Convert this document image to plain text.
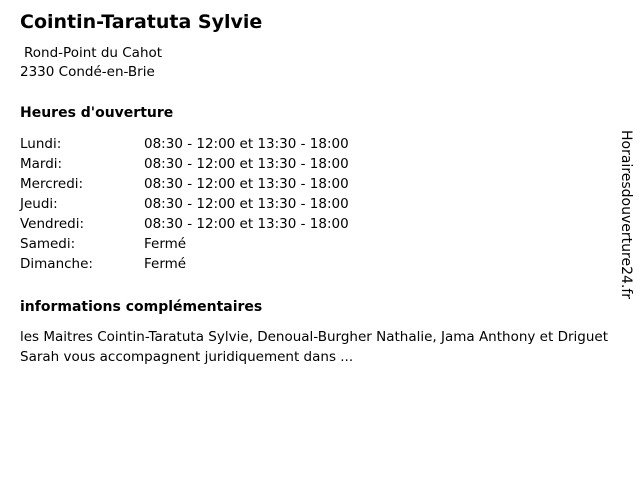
Cointin-Taratuta Sylvie
Rond-Point du Cahot
2330 Condé-en-Brie
Heures d'ouverture
Lundi:	08:30 - 12:00 et 13:30 - 18:00
Mardi:	08:30 - 12:00 et 13:30 - 18:00
Mercredi:	08:30 - 12:00 et 13:30 - 18:00
Jeudi:	08:30 - 12:00 et 13:30 - 18:00
Vendredi:	08:30 - 12:00 et 13:30 - 18:00
Samedi:	Fermé
Dimanche:	Fermé
informations complémentaires

les Maitres Cointin-Taratuta Sylvie, Denoual-Burgher Nathalie, Jama Anthony et Driguet Sarah vous accompagnent juridiquement dans ...

Horairesdouverture24.fr
